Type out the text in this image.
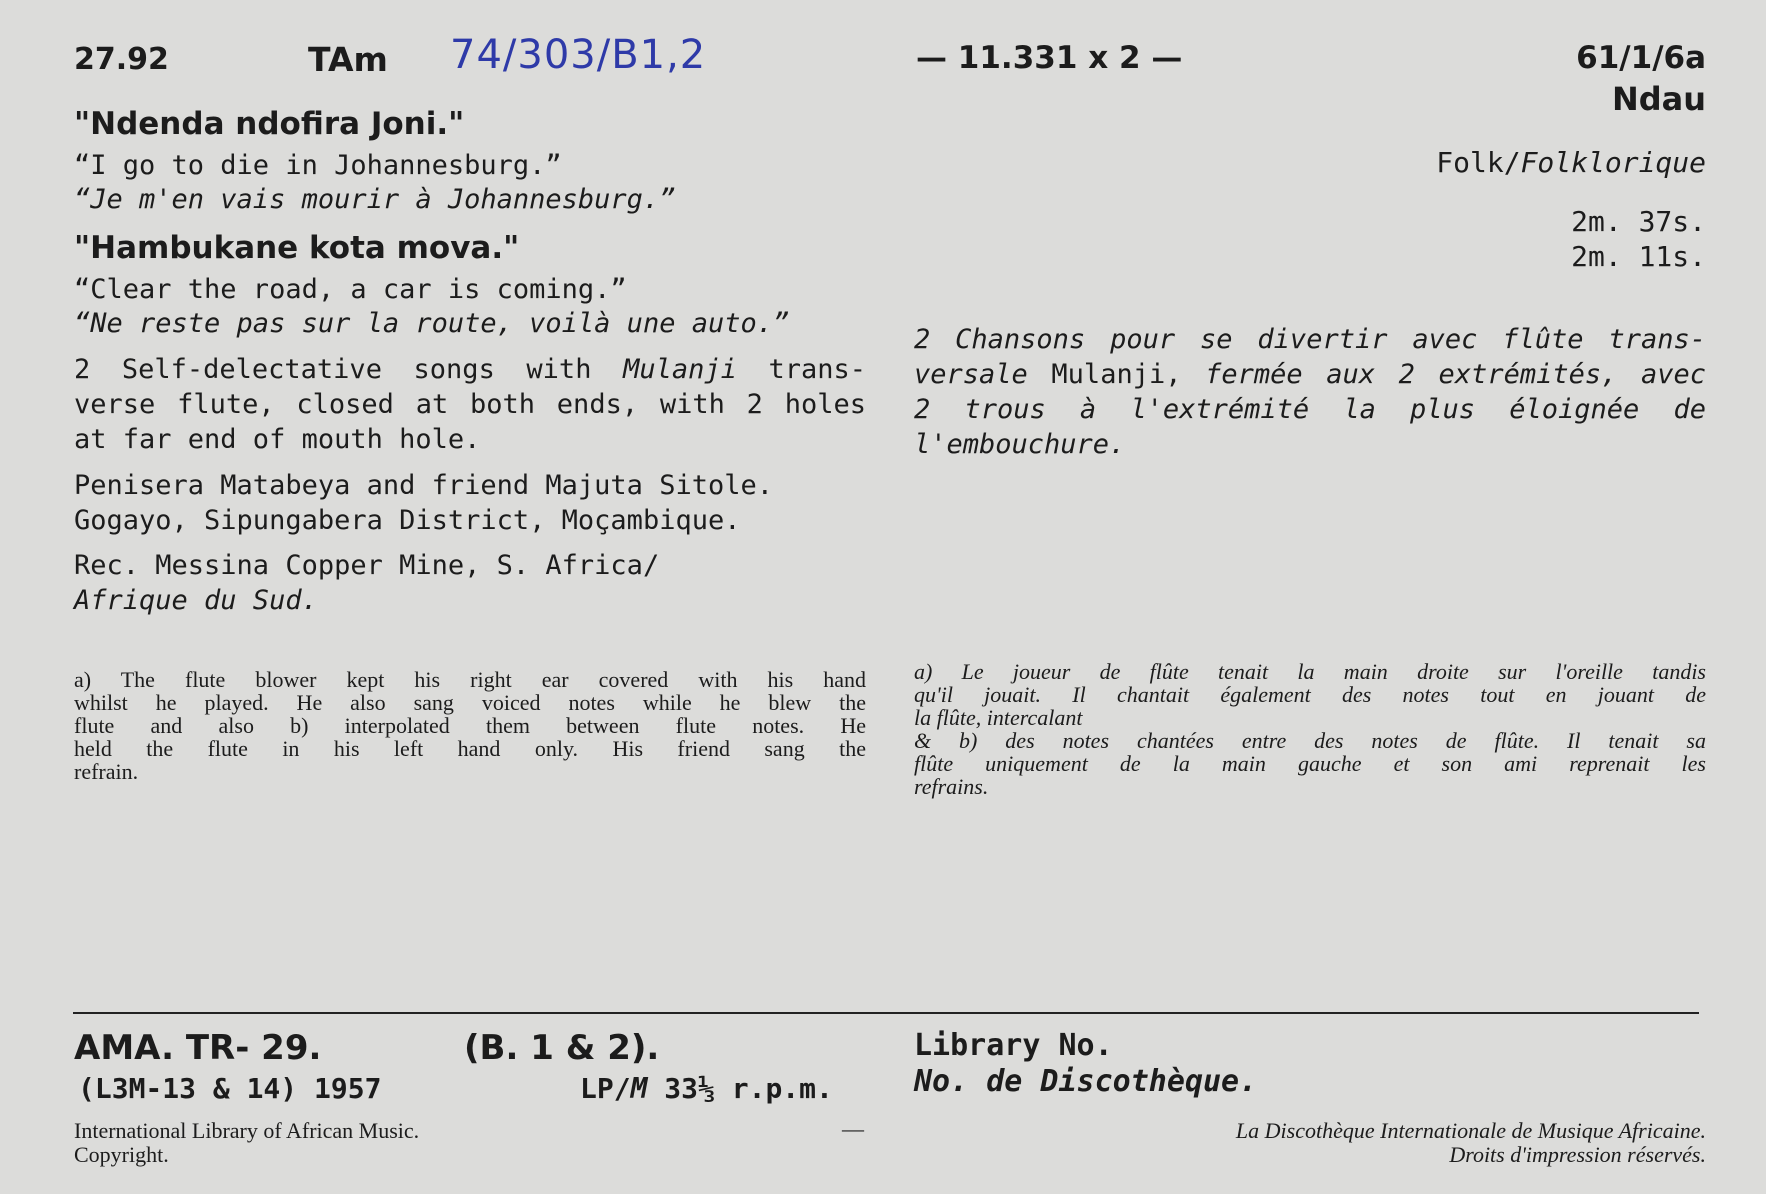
27.92	TAm 74/303/B1,2	— 11.331 x 2 —	61/1/6a
Ndau
"Ndenda ndofira Joni."
“I go to die in Johannesburg.”
“Je m'en vais mourir à Johannesburg.”
"Hambukane kota mova."
“Clear the road, a car is coming.”
“Ne reste pas sur la route, voilà une auto.”
Folk/Folklorique
2m. 37s.
2m. 11s.
2 Self-delectative songs with Mulanji trans-
verse flute, closed at both ends, with 2 holes
at far end of mouth hole.
2 Chansons pour se divertir avec flûte trans-
versale Mulanji, fermée aux 2 extrémités, avec
2 trous à l'extrémité la plus éloignée de
l'embouchure.
Penisera Matabeya and friend Majuta Sitole.
Gogayo, Sipungabera District, Moçambique.
Rec. Messina Copper Mine, S. Africa/
Afrique du Sud.
a) The flute blower kept his right ear covered with his hand
whilst he played. He also sang voiced notes while he blew the
flute and also b) interpolated them between flute notes. He
held the flute in his left hand only. His friend sang the
refrain.
a) Le joueur de flûte tenait la main droite sur l'oreille tandis
qu'il jouait. Il chantait également des notes tout en jouant de
la flûte, intercalant
& b) des notes chantées entre des notes de flûte. Il tenait sa
flûte uniquement de la main gauche et son ami reprenait les
refrains.
AMA. TR- 29.	(B. 1 & 2).
(L3M-13 & 14) 1957	LP/M 33⅓ r.p.m.
International Library of African Music.
Copyright.
—
Library No.
No. de Discothèque.
La Discothèque Internationale de Musique Africaine.
Droits d'impression réservés.
